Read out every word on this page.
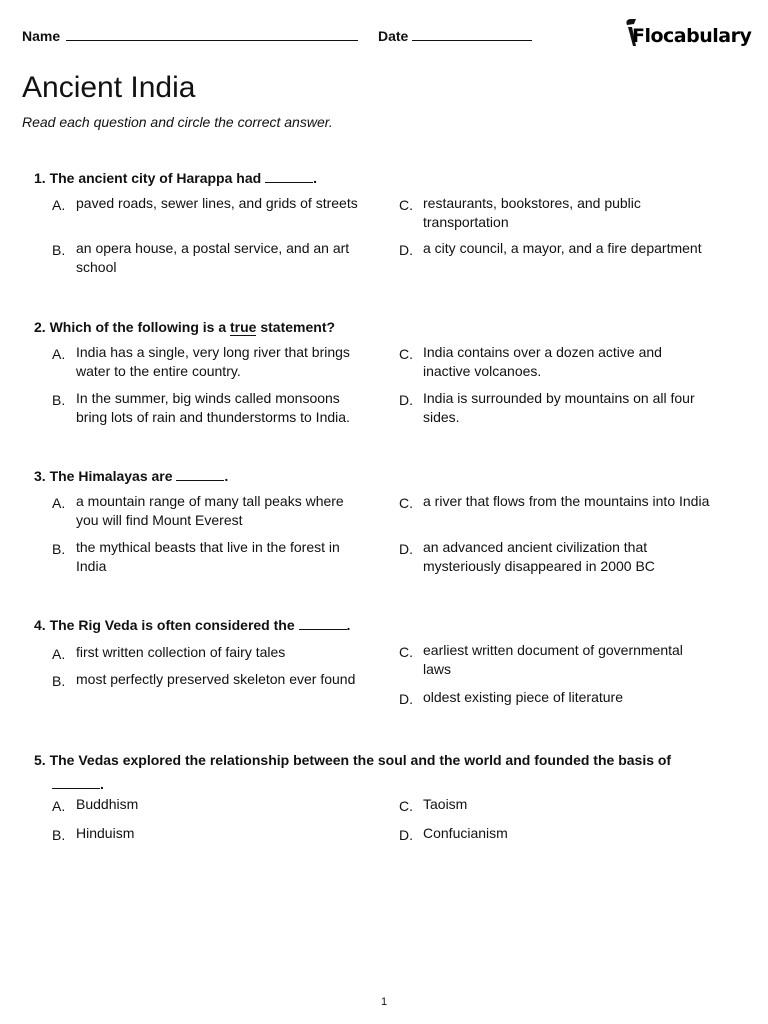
Name	Date	Flocabulary
Ancient India
Read each question and circle the correct answer.

1. The ancient city of Harappa had	.

A. paved roads, sewer lines, and grids of streets
B. an opera house, a postal service, and an art school
C. restaurants, bookstores, and public transportation
D. a city council, a mayor, and a fire department

2. Which of the following is a true statement?

A. India has a single, very long river that brings water to the entire country.
B. In the summer, big winds called monsoons bring lots of rain and thunderstorms to India.
C. India contains over a dozen active and inactive volcanoes.
D. India is surrounded by mountains on all four sides.

3. The Himalayas are	.

A. a mountain range of many tall peaks where you will find Mount Everest
B. the mythical beasts that live in the forest in India
C. a river that flows from the mountains into India
D. an advanced ancient civilization that mysteriously disappeared in 2000 BC

4. The Rig Veda is often considered the	.

A. first written collection of fairy tales
B. most perfectly preserved skeleton ever found
C. earliest written document of governmental laws
D. oldest existing piece of literature

5. The Vedas explored the relationship between the soul and the world and founded the basis of
.

A. Buddhism
B. Hinduism
C. Taoism
D. Confucianism
1
